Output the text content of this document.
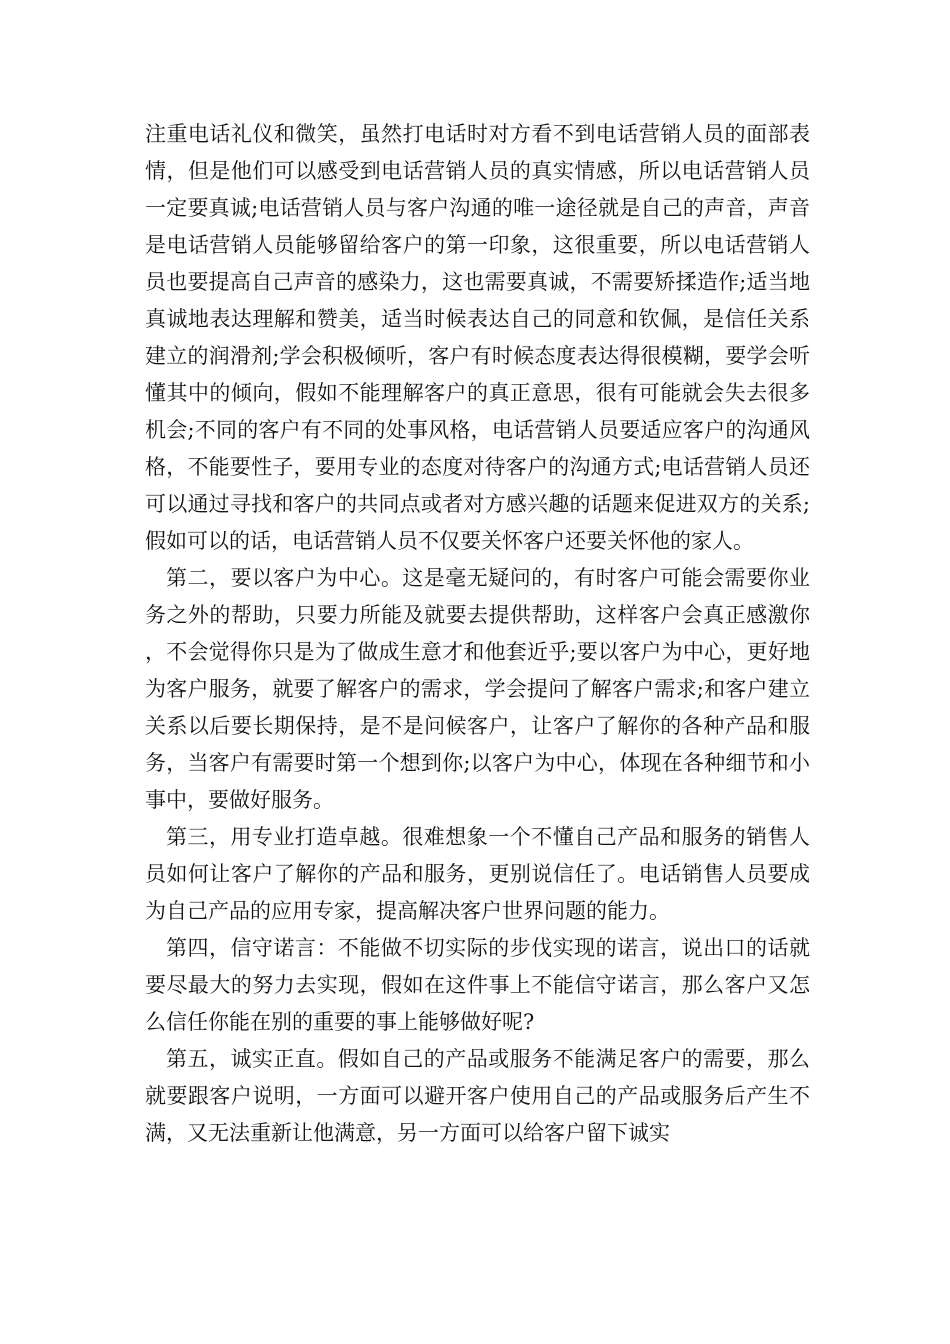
注重电话礼仪和微笑，虽然打电话时对方看不到电话营销人员的面部表情，但是他们可以感受到电话营销人员的真实情感，所以电话营销人员一定要真诚;电话营销人员与客户沟通的唯一途径就是自己的声音，声音是电话营销人员能够留给客户的第一印象，这很重要，所以电话营销人员也要提高自己声音的感染力，这也需要真诚，不需要矫揉造作;适当地真诚地表达理解和赞美，适当时候表达自己的同意和钦佩，是信任关系建立的润滑剂;学会积极倾听，客户有时候态度表达得很模糊，要学会听懂其中的倾向，假如不能理解客户的真正意思，很有可能就会失去很多机会;不同的客户有不同的处事风格，电话营销人员要适应客户的沟通风格，不能要性子，要用专业的态度对待客户的沟通方式;电话营销人员还可以通过寻找和客户的共同点或者对方感兴趣的话题来促进双方的关系;假如可以的话，电话营销人员不仅要关怀客户还要关怀他的家人。

第二，要以客户为中心。这是毫无疑问的，有时客户可能会需要你业务之外的帮助，只要力所能及就要去提供帮助，这样客户会真正感激你，不会觉得你只是为了做成生意才和他套近乎;要以客户为中心，更好地为客户服务，就要了解客户的需求，学会提问了解客户需求;和客户建立关系以后要长期保持，是不是问候客户，让客户了解你的各种产品和服务，当客户有需要时第一个想到你;以客户为中心，体现在各种细节和小事中，要做好服务。

第三，用专业打造卓越。很难想象一个不懂自己产品和服务的销售人员如何让客户了解你的产品和服务，更别说信任了。电话销售人员要成为自己产品的应用专家，提高解决客户世界问题的能力。

第四，信守诺言：不能做不切实际的步伐实现的诺言，说出口的话就要尽最大的努力去实现，假如在这件事上不能信守诺言，那么客户又怎么信任你能在别的重要的事上能够做好呢?

第五，诚实正直。假如自己的产品或服务不能满足客户的需要，那么就要跟客户说明，一方面可以避开客户使用自己的产品或服务后产生不满，又无法重新让他满意，另一方面可以给客户留下诚实
